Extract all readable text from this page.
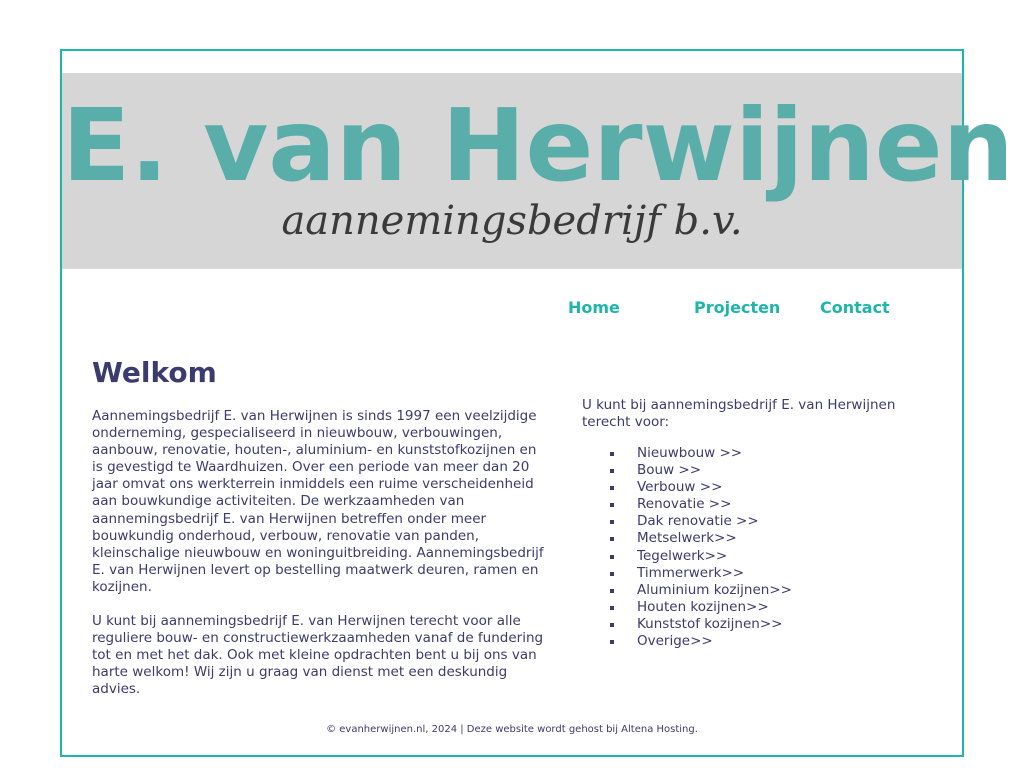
E. van Herwijnen
aannemingsbedrijf b.v.
Home	Projecten Contact
Welkom

Aannemingsbedrijf E. van Herwijnen is sinds 1997 een veelzijdige onderneming, gespecialiseerd in nieuwbouw, verbouwingen, aanbouw, renovatie, houten-, aluminium- en kunststofkozijnen en is gevestigd te Waardhuizen. Over een periode van meer dan 20 jaar omvat ons werkterrein inmiddels een ruime verscheidenheid aan bouwkundige activiteiten. De werkzaamheden van aannemingsbedrijf E. van Herwijnen betreffen onder meer bouwkundig onderhoud, verbouw, renovatie van panden, kleinschalige nieuwbouw en woninguitbreiding. Aannemingsbedrijf E. van Herwijnen levert op bestelling maatwerk deuren, ramen en kozijnen.

U kunt bij aannemingsbedrijf E. van Herwijnen terecht voor alle reguliere bouw- en constructiewerkzaamheden vanaf de fundering tot en met het dak. Ook met kleine opdrachten bent u bij ons van harte welkom! Wij zijn u graag van dienst met een deskundig advies.

U kunt bij aannemingsbedrijf E. van Herwijnen terecht voor:

Nieuwbouw >>
Bouw >>
Verbouw >>
Renovatie >>
Dak renovatie >>
Metselwerk>>
Tegelwerk>>
Timmerwerk>>
Aluminium kozijnen>>
Houten kozijnen>>
Kunststof kozijnen>>
Overige>>
© evanherwijnen.nl, 2024 | Deze website wordt gehost bij Altena Hosting.
